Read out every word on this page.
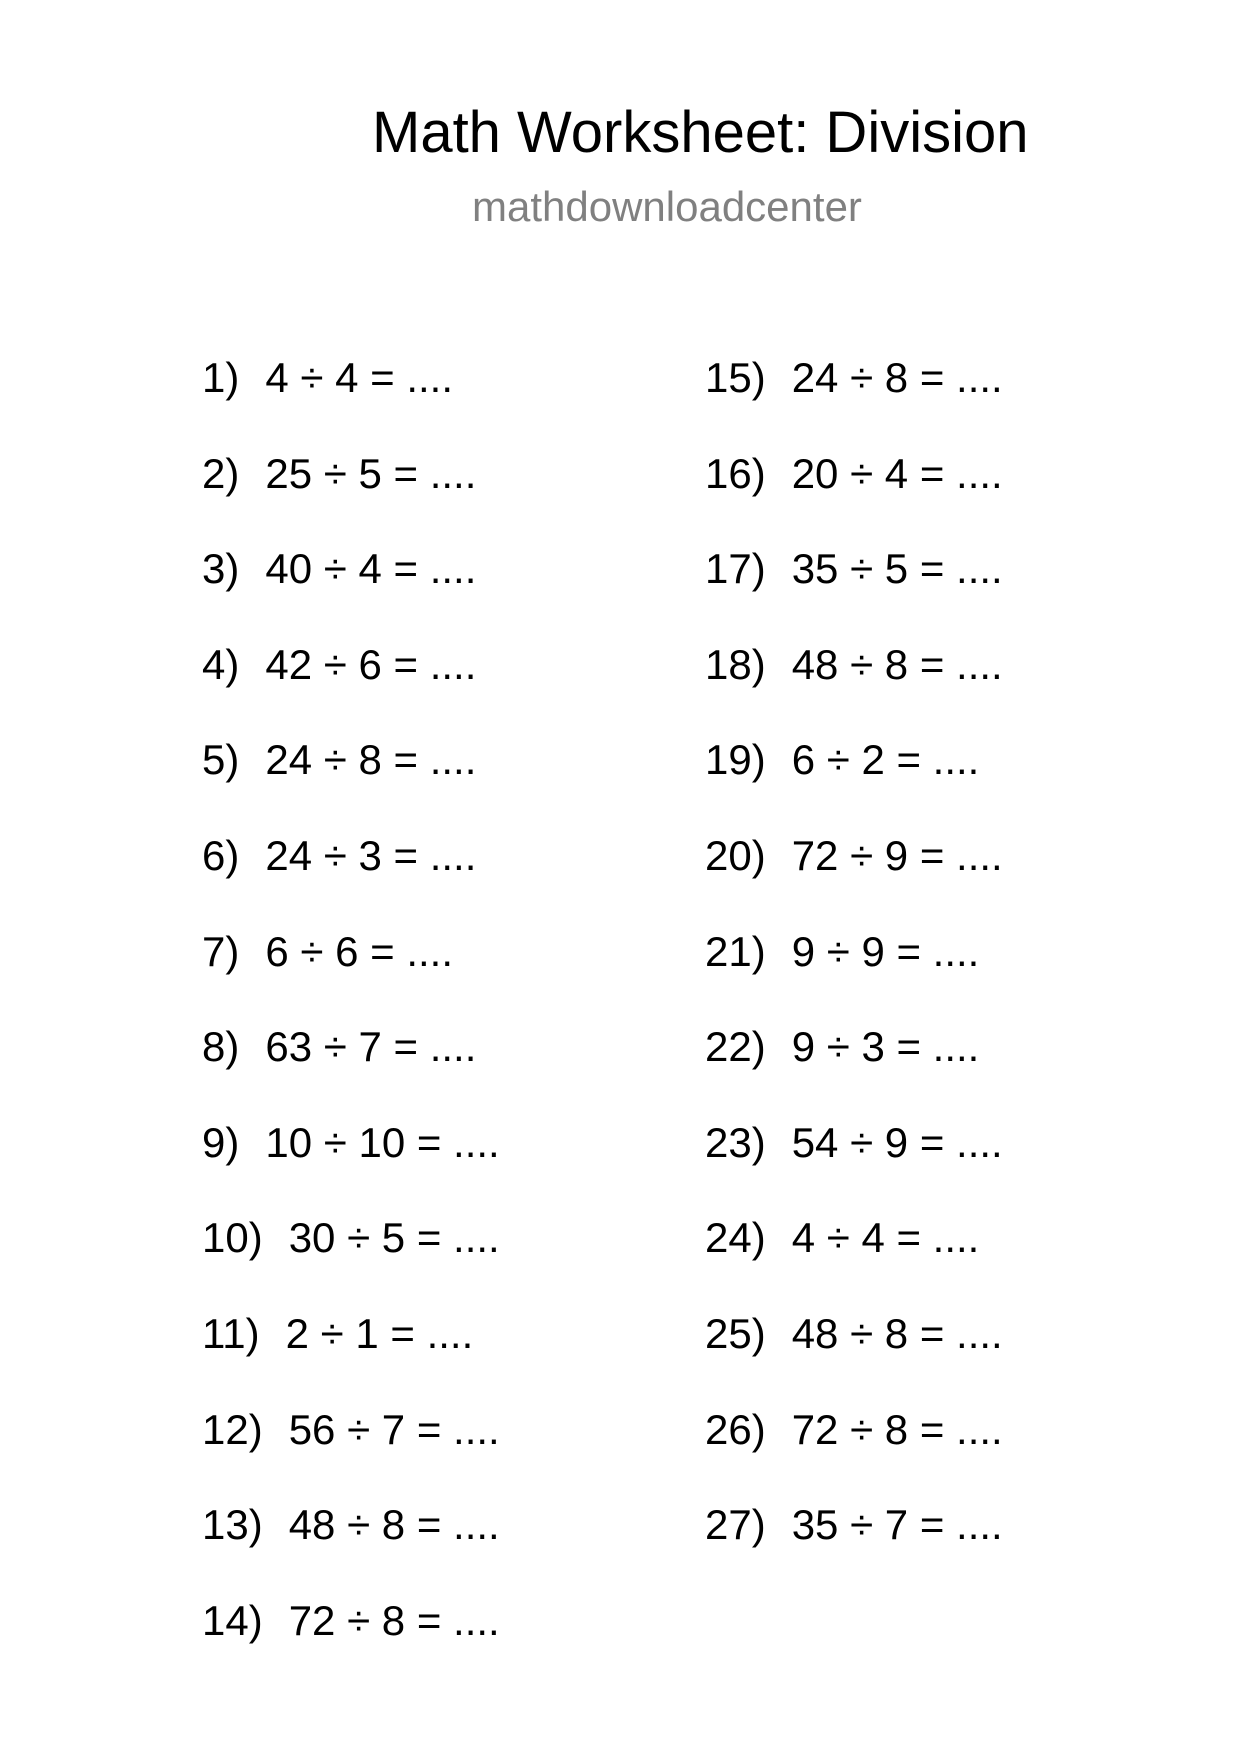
Math Worksheet: Division
mathdownloadcenter
1) 4 ÷ 4 = ....
2) 25 ÷ 5 = ....
3) 40 ÷ 4 = ....
4) 42 ÷ 6 = ....
5) 24 ÷ 8 = ....
6) 24 ÷ 3 = ....
7) 6 ÷ 6 = ....
8) 63 ÷ 7 = ....
9) 10 ÷ 10 = ....
10) 30 ÷ 5 = ....
11) 2 ÷ 1 = ....
12) 56 ÷ 7 = ....
13) 48 ÷ 8 = ....
14) 72 ÷ 8 = ....
15) 24 ÷ 8 = ....
16) 20 ÷ 4 = ....
17) 35 ÷ 5 = ....
18) 48 ÷ 8 = ....
19) 6 ÷ 2 = ....
20) 72 ÷ 9 = ....
21) 9 ÷ 9 = ....
22) 9 ÷ 3 = ....
23) 54 ÷ 9 = ....
24) 4 ÷ 4 = ....
25) 48 ÷ 8 = ....
26) 72 ÷ 8 = ....
27) 35 ÷ 7 = ....
